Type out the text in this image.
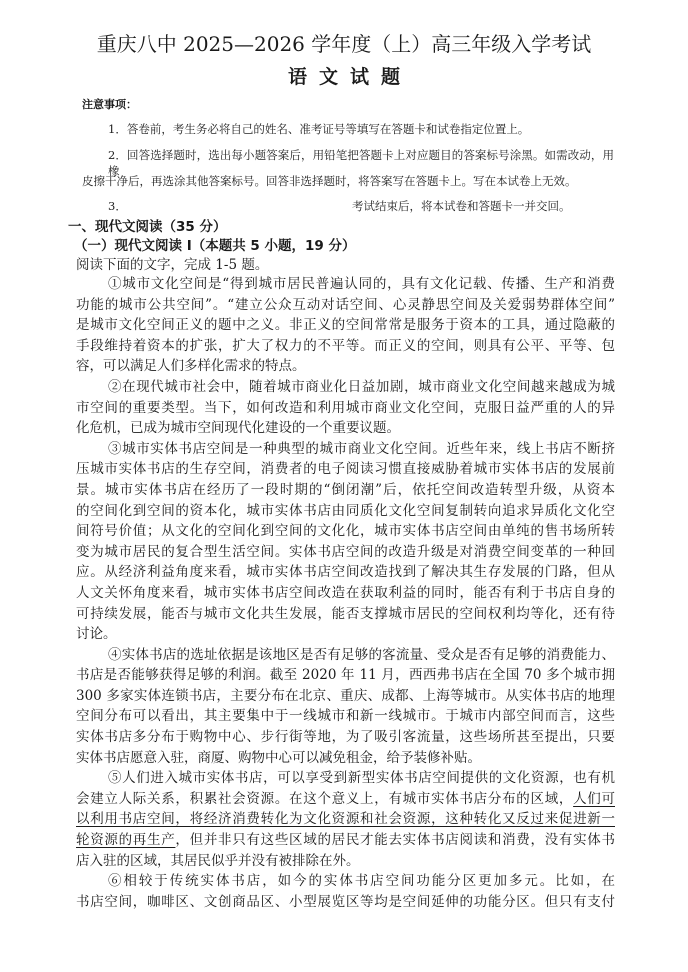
重庆八中 2025—2026 学年度（上）高三年级入学考试
语文试题
注意事项：
1．答卷前，考生务必将自己的姓名、准考证号等填写在答题卡和试卷指定位置上。
2．回答选择题时，选出每小题答案后，用铅笔把答题卡上对应题目的答案标号涂黑。如需改动，用橡
皮擦干净后，再选涂其他答案标号。回答非选择题时，将答案写在答题卡上。写在本试卷上无效。
3．	考试结束后，将本试卷和答题卡一并交回。
一、现代文阅读（35 分）
（一）现代文阅读 I（本题共 5 小题，19 分）
阅读下面的文字，完成 1-5 题。
①城市文化空间是“得到城市居民普遍认同的，具有文化记载、传播、生产和消费
功能的城市公共空间”。“建立公众互动对话空间、心灵静思空间及关爱弱势群体空间”
是城市文化空间正义的题中之义。非正义的空间常常是服务于资本的工具，通过隐蔽的
手段维持着资本的扩张，扩大了权力的不平等。而正义的空间，则具有公平、平等、包
容，可以满足人们多样化需求的特点。
②在现代城市社会中，随着城市商业化日益加剧，城市商业文化空间越来越成为城
市空间的重要类型。当下，如何改造和利用城市商业文化空间，克服日益严重的人的异
化危机，已成为城市空间现代化建设的一个重要议题。
③城市实体书店空间是一种典型的城市商业文化空间。近些年来，线上书店不断挤
压城市实体书店的生存空间，消费者的电子阅读习惯直接威胁着城市实体书店的发展前
景。城市实体书店在经历了一段时期的“倒闭潮”后，依托空间改造转型升级，从资本
的空间化到空间的资本化，城市实体书店由同质化文化空间复制转向追求异质化文化空
间符号价值；从文化的空间化到空间的文化化，城市实体书店空间由单纯的售书场所转
变为城市居民的复合型生活空间。实体书店空间的改造升级是对消费空间变革的一种回
应。从经济利益角度来看，城市实体书店空间改造找到了解决其生存发展的门路，但从
人文关怀角度来看，城市实体书店空间改造在获取利益的同时，能否有利于书店自身的
可持续发展，能否与城市文化共生发展，能否支撑城市居民的空间权利均等化，还有待
讨论。
④实体书店的选址依据是该地区是否有足够的客流量、受众是否有足够的消费能力、
书店是否能够获得足够的利润。截至 2020 年 11 月，西西弗书店在全国 70 多个城市拥
300 多家实体连锁书店，主要分布在北京、重庆、成都、上海等城市。从实体书店的地理
空间分布可以看出，其主要集中于一线城市和新一线城市。于城市内部空间而言，这些
实体书店多分布于购物中心、步行街等地，为了吸引客流量，这些场所甚至提出，只要
实体书店愿意入驻，商厦、购物中心可以减免租金，给予装修补贴。
⑤人们进入城市实体书店，可以享受到新型实体书店空间提供的文化资源，也有机
会建立人际关系，积累社会资源。在这个意义上，有城市实体书店分布的区域，人们可
以利用书店空间，将经济消费转化为文化资源和社会资源，这种转化又反过来促进新一
轮资源的再生产，但并非只有这些区域的居民才能去实体书店阅读和消费，没有实体书
店入驻的区域，其居民似乎并没有被排除在外。
⑥相较于传统实体书店，如今的实体书店空间功能分区更加多元。比如，在
书店空间，咖啡区、文创商品区、小型展览区等均是空间延伸的功能分区。但只有支付
